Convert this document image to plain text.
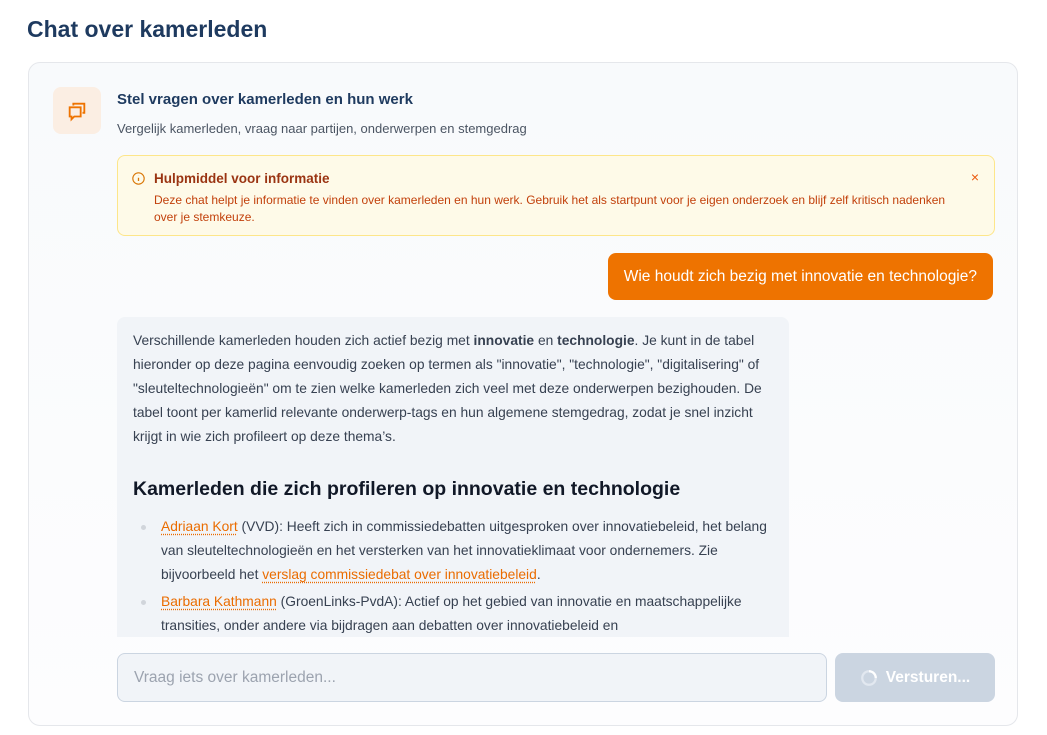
Chat over kamerleden
Stel vragen over kamerleden en hun werk
Vergelijk kamerleden, vraag naar partijen, onderwerpen en stemgedrag
Hulpmiddel voor informatie
Deze chat helpt je informatie te vinden over kamerleden en hun werk. Gebruik het als startpunt voor je eigen onderzoek en blijf zelf kritisch nadenken over je stemkeuze.
×
Wie houdt zich bezig met innovatie en technologie?

Verschillende kamerleden houden zich actief bezig met innovatie en technologie. Je kunt in de tabel hieronder op deze pagina eenvoudig zoeken op termen als "innovatie", "technologie", "digitalisering" of "sleuteltechnologieën" om te zien welke kamerleden zich veel met deze onderwerpen bezighouden. De tabel toont per kamerlid relevante onderwerp-tags en hun algemene stemgedrag, zodat je snel inzicht krijgt in wie zich profileert op deze thema’s.

Kamerleden die zich profileren op innovatie en technologie
Adriaan Kort (VVD): Heeft zich in commissiedebatten uitgesproken over innovatiebeleid, het belang van sleuteltechnologieën en het versterken van het innovatieklimaat voor ondernemers. Zie bijvoorbeeld het verslag commissiedebat over innovatiebeleid.
Barbara Kathmann (GroenLinks-PvdA): Actief op het gebied van innovatie en maatschappelijke transities, onder andere via bijdragen aan debatten over innovatiebeleid en
Vraag iets over kamerleden...	Versturen...
